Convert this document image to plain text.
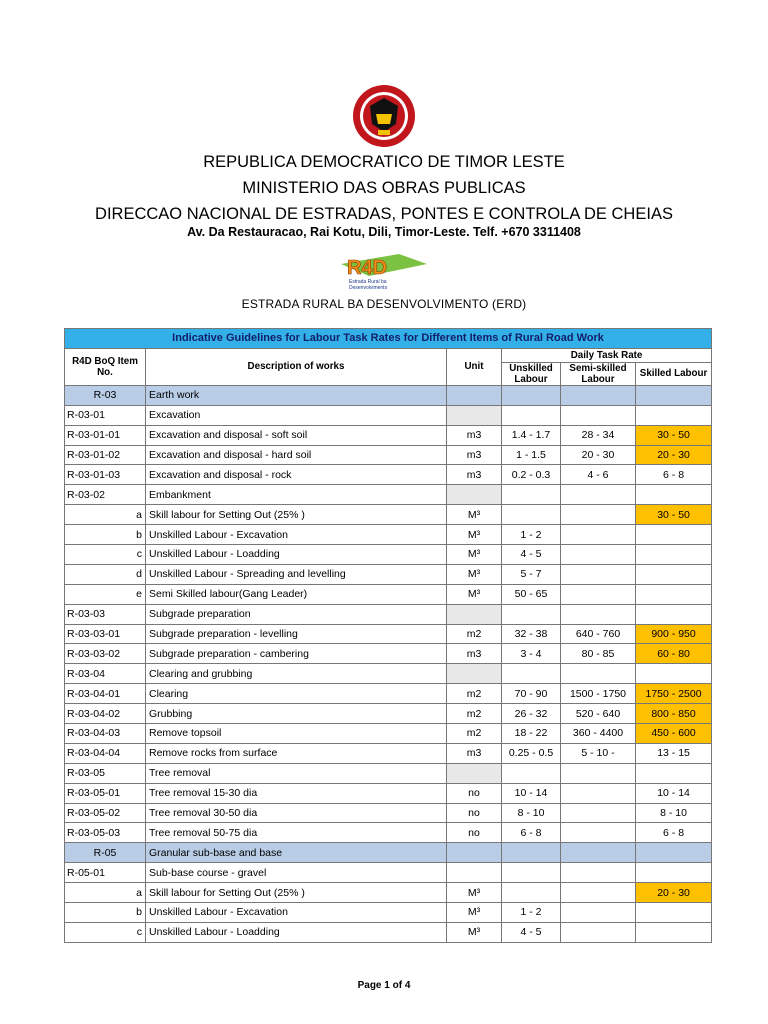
REPUBLICA DEMOCRATICO DE TIMOR LESTE
MINISTERIO DAS OBRAS PUBLICAS
DIRECCAO NACIONAL DE ESTRADAS, PONTES E CONTROLA DE CHEIAS
Av. Da Restauracao, Rai Kotu, Dili, Timor-Leste. Telf. +670 3311408
R4D
Estrada Rural ba
Desenvolvimento
ESTRADA RURAL BA DESENVOLVIMENTO (ERD)
Indicative Guidelines for Labour Task Rates for Different Items of Rural Road Work					
R4D BoQ Item No.	Description of works	Unit	Daily Task Rate		
			Unskilled Labour	Semi-skilled Labour	Skilled Labour
R-03	Earth work				
R-03-01	Excavation				
R-03-01-01	Excavation and disposal - soft soil	m3	1.4 - 1.7	28 - 34	30 - 50
R-03-01-02	Excavation and disposal - hard soil	m3	1 - 1.5	20 - 30	20 - 30
R-03-01-03	Excavation and disposal - rock	m3	0.2 - 0.3	4 - 6	6 - 8
R-03-02	Embankment				
a	Skill labour for Setting Out (25% )	M³			30 - 50
b	Unskilled Labour - Excavation	M³	1 - 2		
c	Unskilled Labour - Loadding	M³	4 - 5		
d	Unskilled Labour - Spreading and levelling	M³	5 - 7		
e	Semi Skilled labour(Gang Leader)	M³	50 - 65		
R-03-03	Subgrade preparation				
R-03-03-01	Subgrade preparation - levelling	m2	32 - 38	640 - 760	900 - 950
R-03-03-02	Subgrade preparation - cambering	m3	3 - 4	80 - 85	60 - 80
R-03-04	Clearing and grubbing				
R-03-04-01	Clearing	m2	70 - 90	1500 - 1750	1750 - 2500
R-03-04-02	Grubbing	m2	26 - 32	520 - 640	800 - 850
R-03-04-03	Remove topsoil	m2	18 - 22	360 - 4400	450 - 600
R-03-04-04	Remove rocks from surface	m3	0.25 - 0.5	5 - 10 -	13 - 15
R-03-05	Tree removal				
R-03-05-01	Tree removal 15-30 dia	no	10 - 14		10 - 14
R-03-05-02	Tree removal 30-50 dia	no	8 - 10		8 - 10
R-03-05-03	Tree removal 50-75 dia	no	6 - 8		6 - 8
R-05	Granular sub-base and base				
R-05-01	Sub-base course - gravel				
a	Skill labour for Setting Out (25% )	M³			20 - 30
b	Unskilled Labour - Excavation	M³	1 - 2		
c	Unskilled Labour - Loadding	M³	4 - 5		
Page 1 of 4
